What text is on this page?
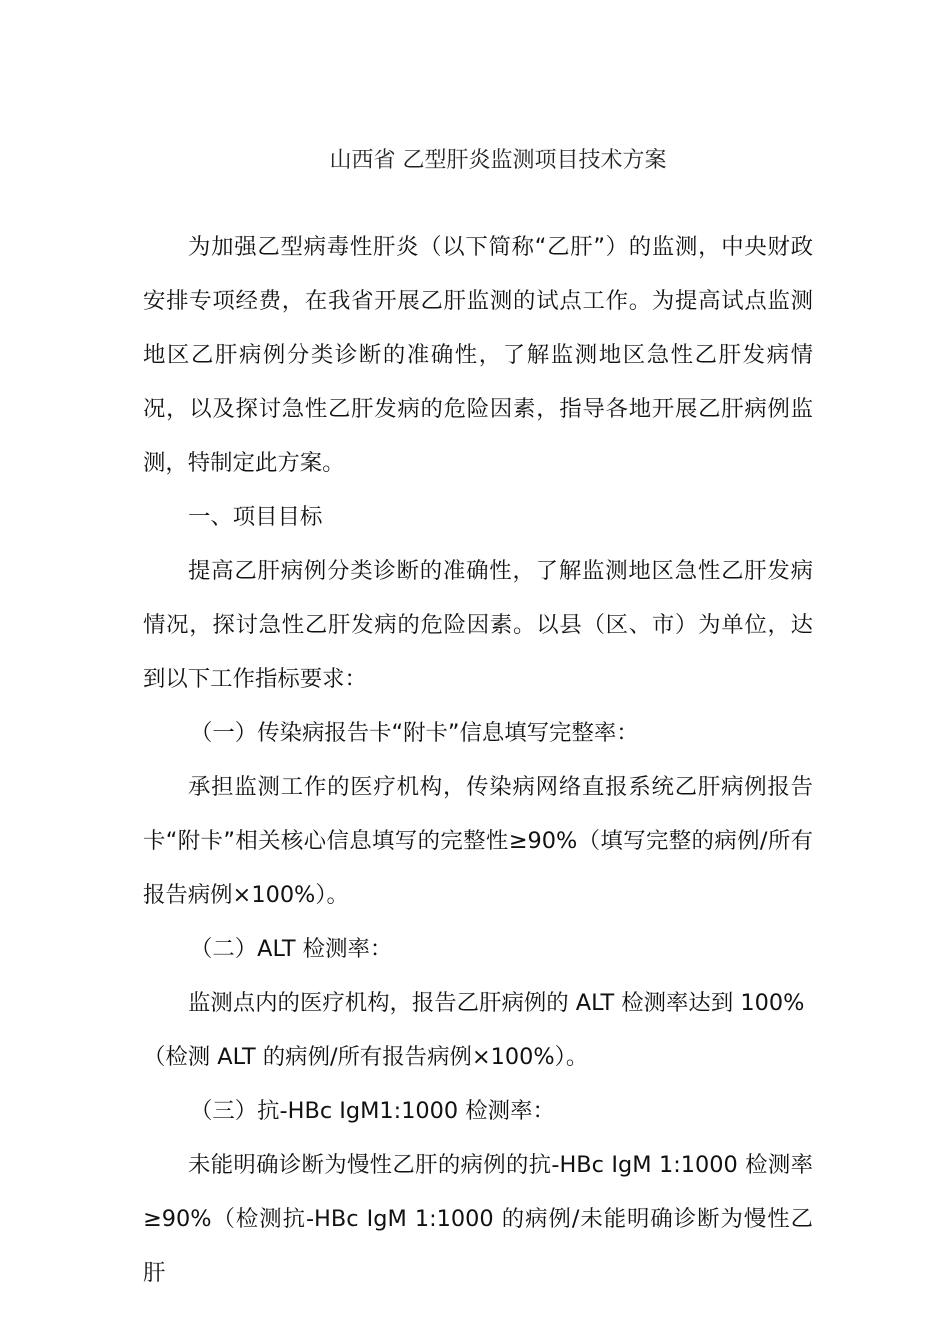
山西省 乙型肝炎监测项目技术方案

为加强乙型病毒性肝炎（以下简称“乙肝”）的监测，中央财政 安排专项经费，在我省开展乙肝监测的试点工作。为提高试点监测地区乙肝病例分类诊断的准确性，了解监测地区急性乙肝发病情况，以及探讨急性乙肝发病的危险因素，指导各地开展乙肝病例监测，特制定此方案。

一、项目目标

提高乙肝病例分类诊断的准确性，了解监测地区急性乙肝发病情况，探讨急性乙肝发病的危险因素。以县（区、市）为单位，达到以下工作指标要求：

（一）传染病报告卡“附卡”信息填写完整率：

承担监测工作的医疗机构，传染病网络直报系统乙肝病例报告卡“附卡”相关核心信息填写的完整性≥90%（填写完整的病例/所有报告病例×100%）。

（二）ALT 检测率：

监测点内的医疗机构，报告乙肝病例的 ALT 检测率达到 100%

（检测 ALT 的病例/所有报告病例×100%）。

（三）抗-HBc IgM1:1000 检测率：

未能明确诊断为慢性乙肝的病例的抗-HBc IgM 1:1000 检测率≥90%（检测抗-HBc IgM 1:1000 的病例/未能明确诊断为慢性乙肝
